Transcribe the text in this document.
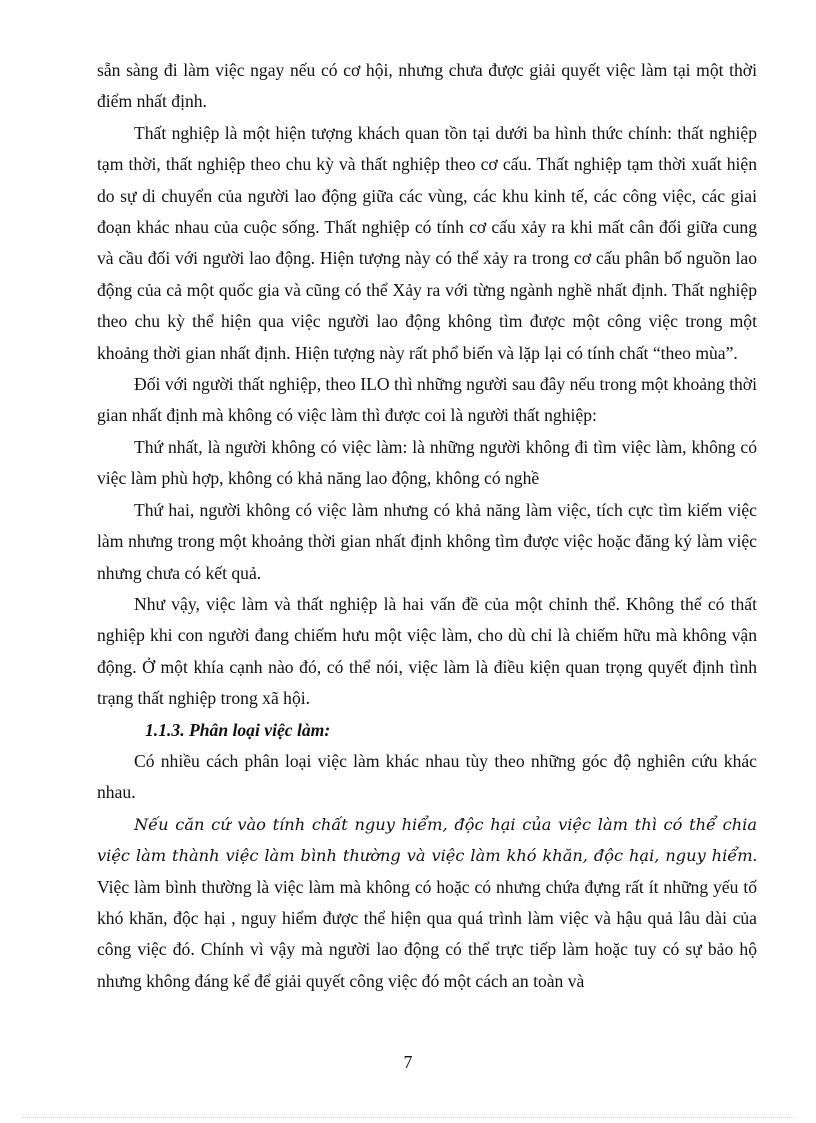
sẵn sàng đi làm việc ngay nếu có cơ hội, nhưng chưa được giải quyết việc làm tại một thời điểm nhất định.

Thất nghiệp là một hiện tượng khách quan tồn tại dưới ba hình thức chính: thất nghiệp tạm thời, thất nghiệp theo chu kỳ và thất nghiệp theo cơ cấu. Thất nghiệp tạm thời xuất hiện do sự di chuyển của người lao động giữa các vùng, các khu kinh tế, các công việc, các giai đoạn khác nhau của cuộc sống. Thất nghiệp có tính cơ cấu xảy ra khi mất cân đối giữa cung và cầu đối với người lao động. Hiện tượng này có thể xảy ra trong cơ cấu phân bố nguồn lao động của cả một quốc gia và cũng có thể Xảy ra với từng ngành nghề nhất định. Thất nghiệp theo chu kỳ thể hiện qua việc người lao động không tìm được một công việc trong một khoảng thời gian nhất định. Hiện tượng này rất phổ biến và lặp lại có tính chất “theo mùa”.

Đối với người thất nghiệp, theo ILO thì những người sau đây nếu trong một khoảng thời gian nhất định mà không có việc làm thì được coi là người thất nghiệp:

Thứ nhất, là người không có việc làm: là những người không đi tìm việc làm, không có việc làm phù hợp, không có khả năng lao động, không có nghề

Thứ hai, người không có việc làm nhưng có khả năng làm việc, tích cực tìm kiếm việc làm nhưng trong một khoảng thời gian nhất định không tìm được việc hoặc đăng ký làm việc nhưng chưa có kết quả.

Như vậy, việc làm và thất nghiệp là hai vấn đề của một chỉnh thể. Không thể có thất nghiệp khi con người đang chiếm hưu một việc làm, cho dù chỉ là chiếm hữu mà không vận động. Ở một khía cạnh nào đó, có thể nói, việc làm là điều kiện quan trọng quyết định tình trạng thất nghiệp trong xã hội.

1.1.3. Phân loại việc làm:

Có nhiều cách phân loại việc làm khác nhau tùy theo những góc độ nghiên cứu khác nhau.

Nếu căn cứ vào tính chất nguy hiểm, độc hại của việc làm thì có thể chia việc làm thành việc làm bình thường và việc làm khó khăn, độc hại, nguy hiểm. Việc làm bình thường là việc làm mà không có hoặc có nhưng chứa đựng rất ít những yếu tố khó khăn, độc hại , nguy hiểm được thể hiện qua quá trình làm việc và hậu quả lâu dài của công việc đó. Chính vì vậy mà người lao động có thể trực tiếp làm hoặc tuy có sự bảo hộ nhưng không đáng kể để giải quyết công việc đó một cách an toàn và

7
